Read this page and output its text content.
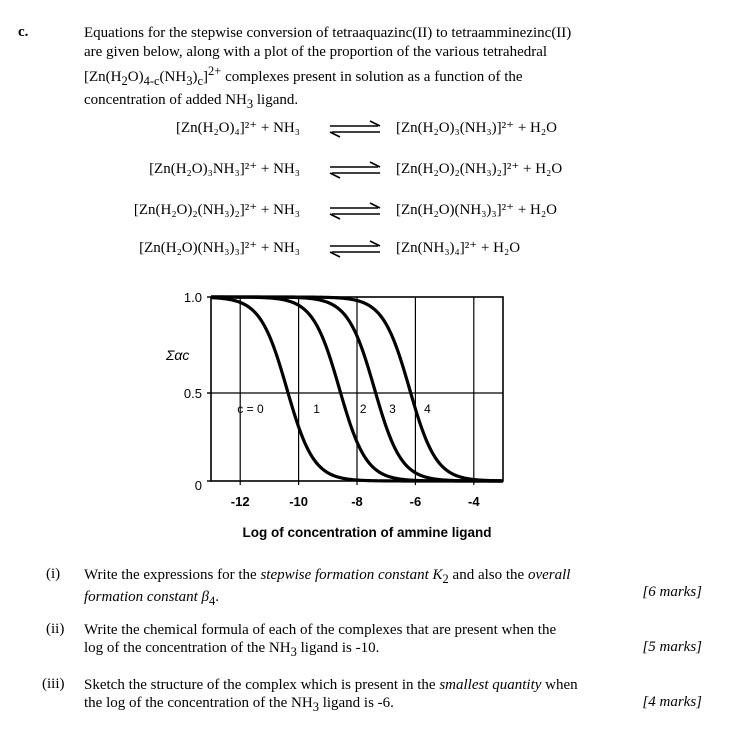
c.	Equations for the stepwise conversion of tetraaquazinc(II) to tetraamminezinc(II)
are given below, along with a plot of the proportion of the various tetrahedral
$[Zn(H_2O)_{4-c}(NH_3)_c]^{2+}$ complexes present in solution as a function of the
concentration of added $NH_3$ ligand.
[Zn(H₂O)₄]²⁺ + NH₃ ⇌ [Zn(H₂O)₃(NH₃)]²⁺ + H₂O
[Zn(H₂O)₃NH₃]²⁺ + NH₃ ⇌ [Zn(H₂O)₂(NH₃)₂]²⁺ + H₂O
[Zn(H₂O)₂(NH₃)₂]²⁺ + NH₃ ⇌ [Zn(H₂O)(NH₃)₃]²⁺ + H₂O
[Zn(H₂O)(NH₃)₃]²⁺ + NH₃ ⇌ [Zn(NH₃)₄]²⁺ + H₂O
c = 0	1	2 3 4
1.0
0.5
0
Σαc
-12	-10	-8	-6	-4
Log of concentration of ammine ligand
(i) Write the expressions for the stepwise formation constant $K_2$ and also the overall
formation constant $\beta_4$.	[6 marks]
(ii) Write the chemical formula of each of the complexes that are present when the
log of the concentration of the $NH_3$ ligand is -10.	[5 marks]
(iii) Sketch the structure of the complex which is present in the smallest quantity when
the log of the concentration of the $NH_3$ ligand is -6.	[4 marks]
